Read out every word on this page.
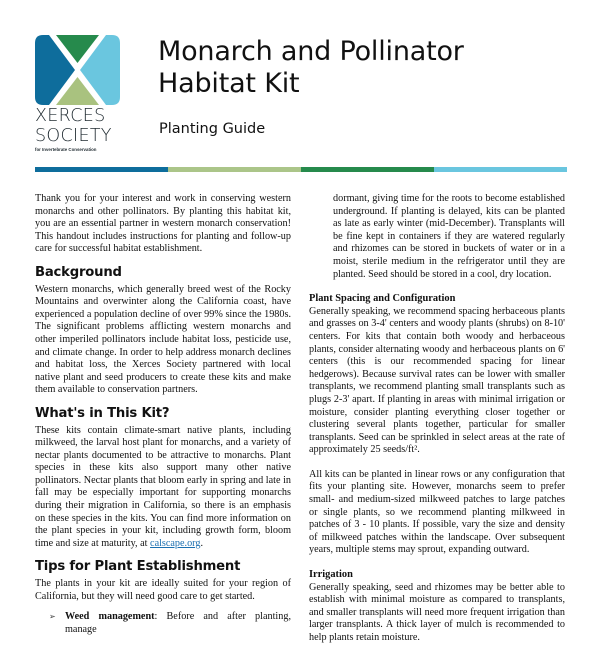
XERCES
SOCIETY
for Invertebrate Conservation
Monarch and Pollinator
Habitat Kit
Planting Guide

Thank you for your interest and work in conserving western monarchs and other pollinators. By planting this habitat kit, you are an essential partner in western monarch conservation! This handout includes instructions for planting and follow-up care for successful habitat establishment.

Background

Western monarchs, which generally breed west of the Rocky Mountains and overwinter along the California coast, have experienced a population decline of over 99% since the 1980s. The significant problems afflicting western monarchs and other imperiled pollinators include habitat loss, pesticide use, and climate change. In order to help address monarch declines and habitat loss, the Xerces Society partnered with local native plant and seed producers to create these kits and make them available to conservation partners.

What's in This Kit?

These kits contain climate-smart native plants, including milkweed, the larval host plant for monarchs, and a variety of nectar plants documented to be attractive to monarchs. Plant species in these kits also support many other native pollinators. Nectar plants that bloom early in spring and late in fall may be especially important for supporting monarchs during their migration in California, so there is an emphasis on these species in the kits. You can find more information on the plant species in your kit, including growth form, bloom time and size at maturity, at calscape.org.

Tips for Plant Establishment

The plants in your kit are ideally suited for your region of California, but they will need good care to get started.

➢ Weed management: Before and after planting, manage

dormant, giving time for the roots to become established underground. If planting is delayed, kits can be planted as late as early winter (mid-December). Transplants will be fine kept in containers if they are watered regularly and rhizomes can be stored in buckets of water or in a moist, sterile medium in the refrigerator until they are planted. Seed should be stored in a cool, dry location.

Plant Spacing and Configuration

Generally speaking, we recommend spacing herbaceous plants and grasses on 3-4' centers and woody plants (shrubs) on 8-10' centers. For kits that contain both woody and herbaceous plants, consider alternating woody and herbaceous plants on 6' centers (this is our recommended spacing for linear hedgerows). Because survival rates can be lower with smaller transplants, we recommend planting small transplants such as plugs 2-3' apart. If planting in areas with minimal irrigation or moisture, consider planting everything closer together or clustering several plants together, particular for smaller transplants. Seed can be sprinkled in select areas at the rate of approximately 25 seeds/ft².

All kits can be planted in linear rows or any configuration that fits your planting site. However, monarchs seem to prefer small- and medium-sized milkweed patches to large patches or single plants, so we recommend planting milkweed in patches of 3 - 10 plants. If possible, vary the size and density of milkweed patches within the landscape. Over subsequent years, multiple stems may sprout, expanding outward.

Irrigation

Generally speaking, seed and rhizomes may be better able to establish with minimal moisture as compared to transplants, and smaller transplants will need more frequent irrigation than larger transplants. A thick layer of mulch is recommended to help plants retain moisture.
